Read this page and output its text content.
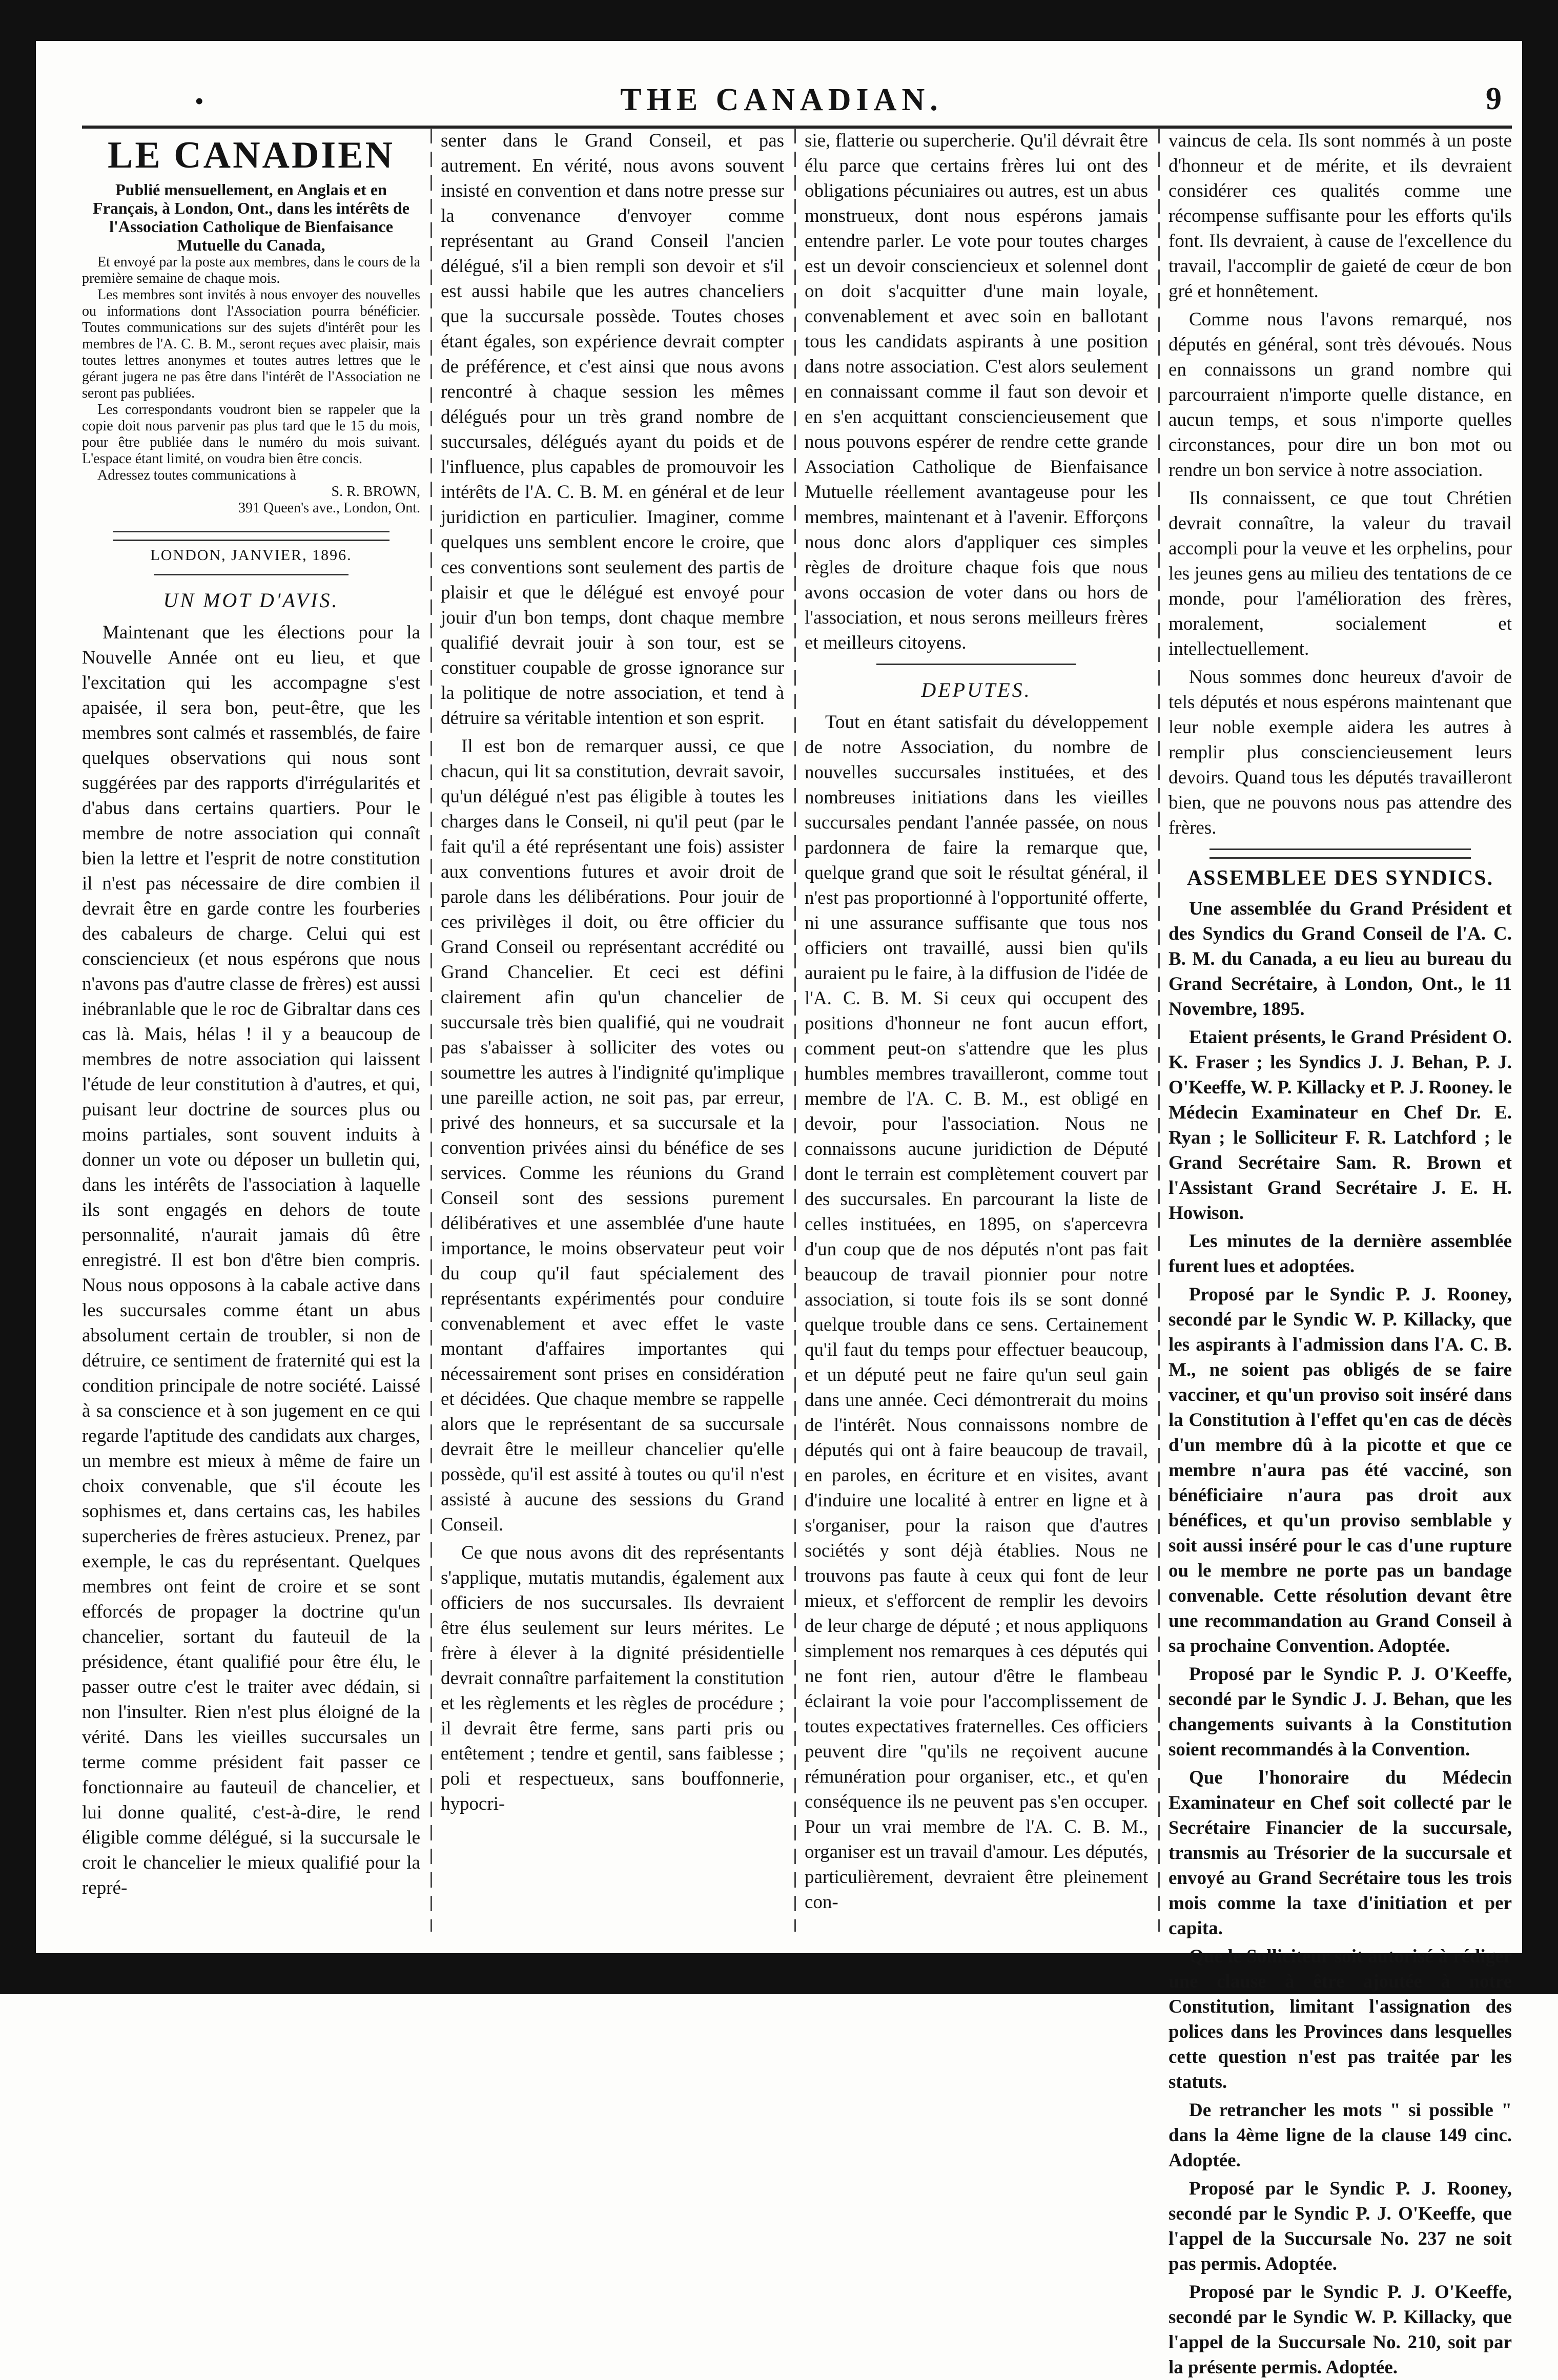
•	THE CANADIAN.	9
LE CANADIEN

Publié mensuellement, en Anglais et en Français, à London, Ont., dans les intérêts de

l'Association Catholique de Bienfaisance Mutuelle du Canada,

Et envoyé par la poste aux membres, dans le cours de la première semaine de chaque mois.

Les membres sont invités à nous envoyer des nouvelles ou informations dont l'Association pourra bénéficier. Toutes communications sur des sujets d'intérêt pour les membres de l'A. C. B. M., seront reçues avec plaisir, mais toutes lettres anonymes et toutes autres lettres que le gérant jugera ne pas être dans l'intérêt de l'Association ne seront pas publiées.

Les correspondants voudront bien se rappeler que la copie doit nous parvenir pas plus tard que le 15 du mois, pour être publiée dans le numéro du mois suivant. L'espace étant limité, on voudra bien être concis.

Adressez toutes communications à

S. R. BROWN,

391 Queen's ave., London, Ont.

LONDON, JANVIER, 1896.
UN MOT D'AVIS.

Maintenant que les élections pour la Nouvelle Année ont eu lieu, et que l'excitation qui les accompagne s'est apaisée, il sera bon, peut-être, que les membres sont calmés et rassemblés, de faire quelques observations qui nous sont suggérées par des rapports d'irrégularités et d'abus dans certains quartiers. Pour le membre de notre association qui connaît bien la lettre et l'esprit de notre constitution il n'est pas nécessaire de dire combien il devrait être en garde contre les fourberies des cabaleurs de charge. Celui qui est consciencieux (et nous espérons que nous n'avons pas d'autre classe de frères) est aussi inébranlable que le roc de Gibraltar dans ces cas là. Mais, hélas ! il y a beaucoup de membres de notre association qui laissent l'étude de leur constitution à d'autres, et qui, puisant leur doctrine de sources plus ou moins partiales, sont souvent induits à donner un vote ou déposer un bulletin qui, dans les intérêts de l'association à laquelle ils sont engagés en dehors de toute personnalité, n'aurait jamais dû être enregistré. Il est bon d'être bien compris. Nous nous opposons à la cabale active dans les succursales comme étant un abus absolument certain de troubler, si non de détruire, ce sentiment de fraternité qui est la condition principale de notre société. Laissé à sa conscience et à son jugement en ce qui regarde l'aptitude des candidats aux charges, un membre est mieux à même de faire un choix convenable, que s'il écoute les sophismes et, dans certains cas, les habiles supercheries de frères astucieux. Prenez, par exemple, le cas du représentant. Quelques membres ont feint de croire et se sont efforcés de propager la doctrine qu'un chancelier, sortant du fauteuil de la présidence, étant qualifié pour être élu, le passer outre c'est le traiter avec dédain, si non l'insulter. Rien n'est plus éloigné de la vérité. Dans les vieilles succursales un terme comme président fait passer ce fonctionnaire au fauteuil de chancelier, et lui donne qualité, c'est-à-dire, le rend éligible comme délégué, si la succursale le croit le chancelier le mieux qualifié pour la repré-

senter dans le Grand Conseil, et pas autrement. En vérité, nous avons souvent insisté en convention et dans notre presse sur la convenance d'envoyer comme représentant au Grand Conseil l'ancien délégué, s'il a bien rempli son devoir et s'il est aussi habile que les autres chanceliers que la succursale possède. Toutes choses étant égales, son expérience devrait compter de préférence, et c'est ainsi que nous avons rencontré à chaque session les mêmes délégués pour un très grand nombre de succursales, délégués ayant du poids et de l'influence, plus capables de promouvoir les intérêts de l'A. C. B. M. en général et de leur juridiction en particulier. Imaginer, comme quelques uns semblent encore le croire, que ces conventions sont seulement des partis de plaisir et que le délégué est envoyé pour jouir d'un bon temps, dont chaque membre qualifié devrait jouir à son tour, est se constituer coupable de grosse ignorance sur la politique de notre association, et tend à détruire sa véritable intention et son esprit.

Il est bon de remarquer aussi, ce que chacun, qui lit sa constitution, devrait savoir, qu'un délégué n'est pas éligible à toutes les charges dans le Conseil, ni qu'il peut (par le fait qu'il a été représentant une fois) assister aux conventions futures et avoir droit de parole dans les délibérations. Pour jouir de ces privilèges il doit, ou être officier du Grand Conseil ou représentant accrédité ou Grand Chancelier. Et ceci est défini clairement afin qu'un chancelier de succursale très bien qualifié, qui ne voudrait pas s'abaisser à solliciter des votes ou soumettre les autres à l'indignité qu'implique une pareille action, ne soit pas, par erreur, privé des honneurs, et sa succursale et la convention privées ainsi du bénéfice de ses services. Comme les réunions du Grand Conseil sont des sessions purement délibératives et une assemblée d'une haute importance, le moins observateur peut voir du coup qu'il faut spécialement des représentants expérimentés pour conduire convenablement et avec effet le vaste montant d'affaires importantes qui nécessairement sont prises en considération et décidées. Que chaque membre se rappelle alors que le représentant de sa succursale devrait être le meilleur chancelier qu'elle possède, qu'il est assité à toutes ou qu'il n'est assisté à aucune des sessions du Grand Conseil.

Ce que nous avons dit des représentants s'applique, mutatis mutandis, également aux officiers de nos succursales. Ils devraient être élus seulement sur leurs mérites. Le frère à élever à la dignité présidentielle devrait connaître parfaitement la constitution et les règlements et les règles de procédure ; il devrait être ferme, sans parti pris ou entêtement ; tendre et gentil, sans faiblesse ; poli et respectueux, sans bouffonnerie, hypocri-

sie, flatterie ou supercherie. Qu'il dévrait être élu parce que certains frères lui ont des obligations pécuniaires ou autres, est un abus monstrueux, dont nous espérons jamais entendre parler. Le vote pour toutes charges est un devoir consciencieux et solennel dont on doit s'acquitter d'une main loyale, convenablement et avec soin en ballotant tous les candidats aspirants à une position dans notre association. C'est alors seulement en connaissant comme il faut son devoir et en s'en acquittant consciencieusement que nous pouvons espérer de rendre cette grande Association Catholique de Bienfaisance Mutuelle réellement avantageuse pour les membres, maintenant et à l'avenir. Efforçons nous donc alors d'appliquer ces simples règles de droiture chaque fois que nous avons occasion de voter dans ou hors de l'association, et nous serons meilleurs frères et meilleurs citoyens.

DEPUTES.

Tout en étant satisfait du développement de notre Association, du nombre de nouvelles succursales instituées, et des nombreuses initiations dans les vieilles succursales pendant l'année passée, on nous pardonnera de faire la remarque que, quelque grand que soit le résultat général, il n'est pas proportionné à l'opportunité offerte, ni une assurance suffisante que tous nos officiers ont travaillé, aussi bien qu'ils auraient pu le faire, à la diffusion de l'idée de l'A. C. B. M. Si ceux qui occupent des positions d'honneur ne font aucun effort, comment peut-on s'attendre que les plus humbles membres travailleront, comme tout membre de l'A. C. B. M., est obligé en devoir, pour l'association. Nous ne connaissons aucune juridiction de Député dont le terrain est complètement couvert par des succursales. En parcourant la liste de celles instituées, en 1895, on s'apercevra d'un coup que de nos députés n'ont pas fait beaucoup de travail pionnier pour notre association, si toute fois ils se sont donné quelque trouble dans ce sens. Certainement qu'il faut du temps pour effectuer beaucoup, et un député peut ne faire qu'un seul gain dans une année. Ceci démontrerait du moins de l'intérêt. Nous connaissons nombre de députés qui ont à faire beaucoup de travail, en paroles, en écriture et en visites, avant d'induire une localité à entrer en ligne et à s'organiser, pour la raison que d'autres sociétés y sont déjà établies. Nous ne trouvons pas faute à ceux qui font de leur mieux, et s'efforcent de remplir les devoirs de leur charge de député ; et nous appliquons simplement nos remarques à ces députés qui ne font rien, autour d'être le flambeau éclairant la voie pour l'accomplissement de toutes expectatives fraternelles. Ces officiers peuvent dire "qu'ils ne reçoivent aucune rémunération pour organiser, etc., et qu'en conséquence ils ne peuvent pas s'en occuper. Pour un vrai membre de l'A. C. B. M., organiser est un travail d'amour. Les députés, particulièrement, devraient être pleinement con-

vaincus de cela. Ils sont nommés à un poste d'honneur et de mérite, et ils devraient considérer ces qualités comme une récompense suffisante pour les efforts qu'ils font. Ils devraient, à cause de l'excellence du travail, l'accomplir de gaieté de cœur de bon gré et honnêtement.

Comme nous l'avons remarqué, nos députés en général, sont très dévoués. Nous en connaissons un grand nombre qui parcourraient n'importe quelle distance, en aucun temps, et sous n'importe quelles circonstances, pour dire un bon mot ou rendre un bon service à notre association.

Ils connaissent, ce que tout Chrétien devrait connaître, la valeur du travail accompli pour la veuve et les orphelins, pour les jeunes gens au milieu des tentations de ce monde, pour l'amélioration des frères, moralement, socialement et intellectuellement.

Nous sommes donc heureux d'avoir de tels députés et nous espérons maintenant que leur noble exemple aidera les autres à remplir plus consciencieusement leurs devoirs. Quand tous les députés travailleront bien, que ne pouvons nous pas attendre des frères.

ASSEMBLEE DES SYNDICS.

Une assemblée du Grand Président et des Syndics du Grand Conseil de l'A. C. B. M. du Canada, a eu lieu au bureau du Grand Secrétaire, à London, Ont., le 11 Novembre, 1895.

Etaient présents, le Grand Président O. K. Fraser ; les Syndics J. J. Behan, P. J. O'Keeffe, W. P. Killacky et P. J. Rooney. le Médecin Examinateur en Chef Dr. E. Ryan ; le Solliciteur F. R. Latchford ; le Grand Secrétaire Sam. R. Brown et l'Assistant Grand Secrétaire J. E. H. Howison.

Les minutes de la dernière assemblée furent lues et adoptées.

Proposé par le Syndic P. J. Rooney, secondé par le Syndic W. P. Killacky, que les aspirants à l'admission dans l'A. C. B. M., ne soient pas obligés de se faire vacciner, et qu'un proviso soit inséré dans la Constitution à l'effet qu'en cas de décès d'un membre dû à la picotte et que ce membre n'aura pas été vacciné, son bénéficiaire n'aura pas droit aux bénéfices, et qu'un proviso semblable y soit aussi inséré pour le cas d'une rupture ou le membre ne porte pas un bandage convenable. Cette résolution devant être une recommandation au Grand Conseil à sa prochaine Convention. Adoptée.

Proposé par le Syndic P. J. O'Keeffe, secondé par le Syndic J. J. Behan, que les changements suivants à la Constitution soient recommandés à la Convention.

Que l'honoraire du Médecin Examinateur en Chef soit collecté par le Secrétaire Financier de la succursale, transmis au Trésorier de la succursale et envoyé au Grand Secrétaire tous les trois mois comme la taxe d'initiation et per capita.

Que le Solliciteur soit autorisé à rédiger une clause à être ajoutée à notre Constitution, limitant l'assignation des polices dans les Provinces dans lesquelles cette question n'est pas traitée par les statuts.

De retrancher les mots " si possible " dans la 4ème ligne de la clause 149 cinc. Adoptée.

Proposé par le Syndic P. J. Rooney, secondé par le Syndic P. J. O'Keeffe, que l'appel de la Succursale No. 237 ne soit pas permis. Adoptée.

Proposé par le Syndic P. J. O'Keeffe, secondé par le Syndic W. P. Killacky, que l'appel de la Succursale No. 210, soit par la présente permis. Adoptée.
